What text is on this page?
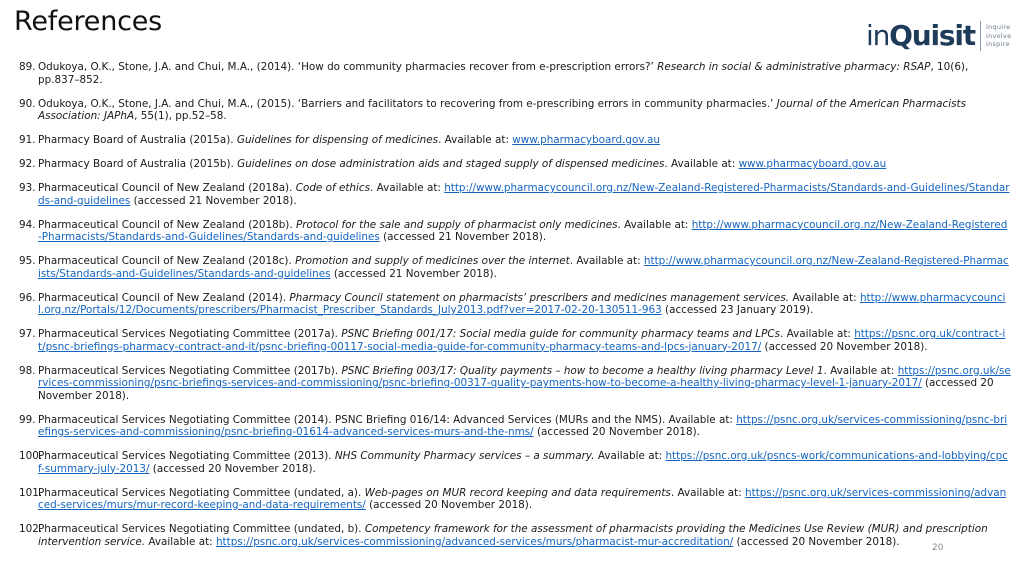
References	inQuisit inquire
involve
inspire
89. Odukoya, O.K., Stone, J.A. and Chui, M.A., (2014). ‘How do community pharmacies recover from e-prescription errors?’ Research in social & administrative pharmacy: RSAP, 10(6), pp.837–852.
90. Odukoya, O.K., Stone, J.A. and Chui, M.A., (2015). ‘Barriers and facilitators to recovering from e-prescribing errors in community pharmacies.’ Journal of the American Pharmacists Association: JAPhA, 55(1), pp.52–58.
91. Pharmacy Board of Australia (2015a). Guidelines for dispensing of medicines. Available at: www.pharmacyboard.gov.au
92. Pharmacy Board of Australia (2015b). Guidelines on dose administration aids and staged supply of dispensed medicines. Available at: www.pharmacyboard.gov.au
93. Pharmaceutical Council of New Zealand (2018a). Code of ethics. Available at: http://www.pharmacycouncil.org.nz/New-Zealand-Registered-Pharmacists/Standards-and-Guidelines/Standards-and-guidelines (accessed 21 November 2018).
94. Pharmaceutical Council of New Zealand (2018b). Protocol for the sale and supply of pharmacist only medicines. Available at: http://www.pharmacycouncil.org.nz/New-Zealand-Registered-Pharmacists/Standards-and-Guidelines/Standards-and-guidelines (accessed 21 November 2018).
95. Pharmaceutical Council of New Zealand (2018c). Promotion and supply of medicines over the internet. Available at: http://www.pharmacycouncil.org.nz/New-Zealand-Registered-Pharmacists/Standards-and-Guidelines/Standards-and-guidelines (accessed 21 November 2018).
96. Pharmaceutical Council of New Zealand (2014). Pharmacy Council statement on pharmacists’ prescribers and medicines management services. Available at: http://www.pharmacycouncil.org.nz/Portals/12/Documents/prescribers/Pharmacist_Prescriber_Standards_July2013.pdf?ver=2017-02-20-130511-963 (accessed 23 January 2019).
97. Pharmaceutical Services Negotiating Committee (2017a). PSNC Briefing 001/17: Social media guide for community pharmacy teams and LPCs. Available at: https://psnc.org.uk/contract-it/psnc-briefings-pharmacy-contract-and-it/psnc-briefing-00117-social-media-guide-for-community-pharmacy-teams-and-lpcs-january-2017/ (accessed 20 November 2018).
98. Pharmaceutical Services Negotiating Committee (2017b). PSNC Briefing 003/17: Quality payments – how to become a healthy living pharmacy Level 1. Available at: https://psnc.org.uk/services-commissioning/psnc-briefings-services-and-commissioning/psnc-briefing-00317-quality-payments-how-to-become-a-healthy-living-pharmacy-level-1-january-2017/ (accessed 20 November 2018).
99. Pharmaceutical Services Negotiating Committee (2014). PSNC Briefing 016/14: Advanced Services (MURs and the NMS). Available at: https://psnc.org.uk/services-commissioning/psnc-briefings-services-and-commissioning/psnc-briefing-01614-advanced-services-murs-and-the-nms/ (accessed 20 November 2018).
100.
Pharmaceutical Services Negotiating Committee (2013). NHS Community Pharmacy services – a summary. Available at: https://psnc.org.uk/psncs-work/communications-and-lobbying/cpcf-summary-july-2013/ (accessed 20 November 2018).
101.
Pharmaceutical Services Negotiating Committee (undated, a). Web-pages on MUR record keeping and data requirements. Available at: https://psnc.org.uk/services-commissioning/advanced-services/murs/mur-record-keeping-and-data-requirements/ (accessed 20 November 2018).
102.
Pharmaceutical Services Negotiating Committee (undated, b). Competency framework for the assessment of pharmacists providing the Medicines Use Review (MUR) and prescription intervention service. Available at: https://psnc.org.uk/services-commissioning/advanced-services/murs/pharmacist-mur-accreditation/ (accessed 20 November 2018).
20
